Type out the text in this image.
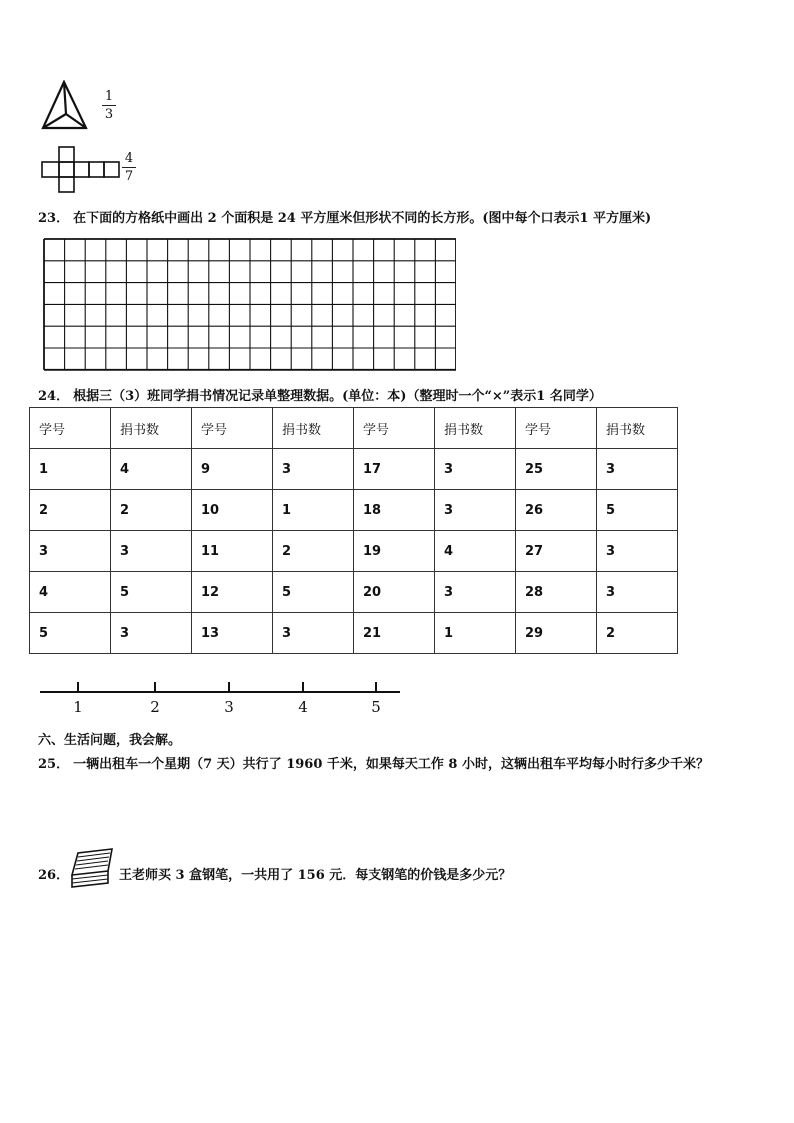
1
3
4
7
23． 在下面的方格纸中画出 2 个面积是 24 平方厘米但形状不同的长方形。(图中每个口表示1 平方厘米)
24． 根据三（3）班同学捐书情况记录单整理数据。(单位：本)（整理时一个“×”表示1 名同学）
学号	捐书数	学号	捐书数	学号	捐书数	学号	捐书数
1	4	9	3	17	3	25	3
2	2	10	1	18	3	26	5
3	3	11	2	19	4	27	3
4	5	12	5	20	3	28	3
5	3	13	3	21	1	29	2
1	2	3	4	5
六、生活问题，我会解。
25． 一辆出租车一个星期（7 天）共行了 1960 千米，如果每天工作 8 小时，这辆出租车平均每小时行多少千米？
26．	王老师买 3 盒钢笔，一共用了 156 元．每支钢笔的价钱是多少元？
